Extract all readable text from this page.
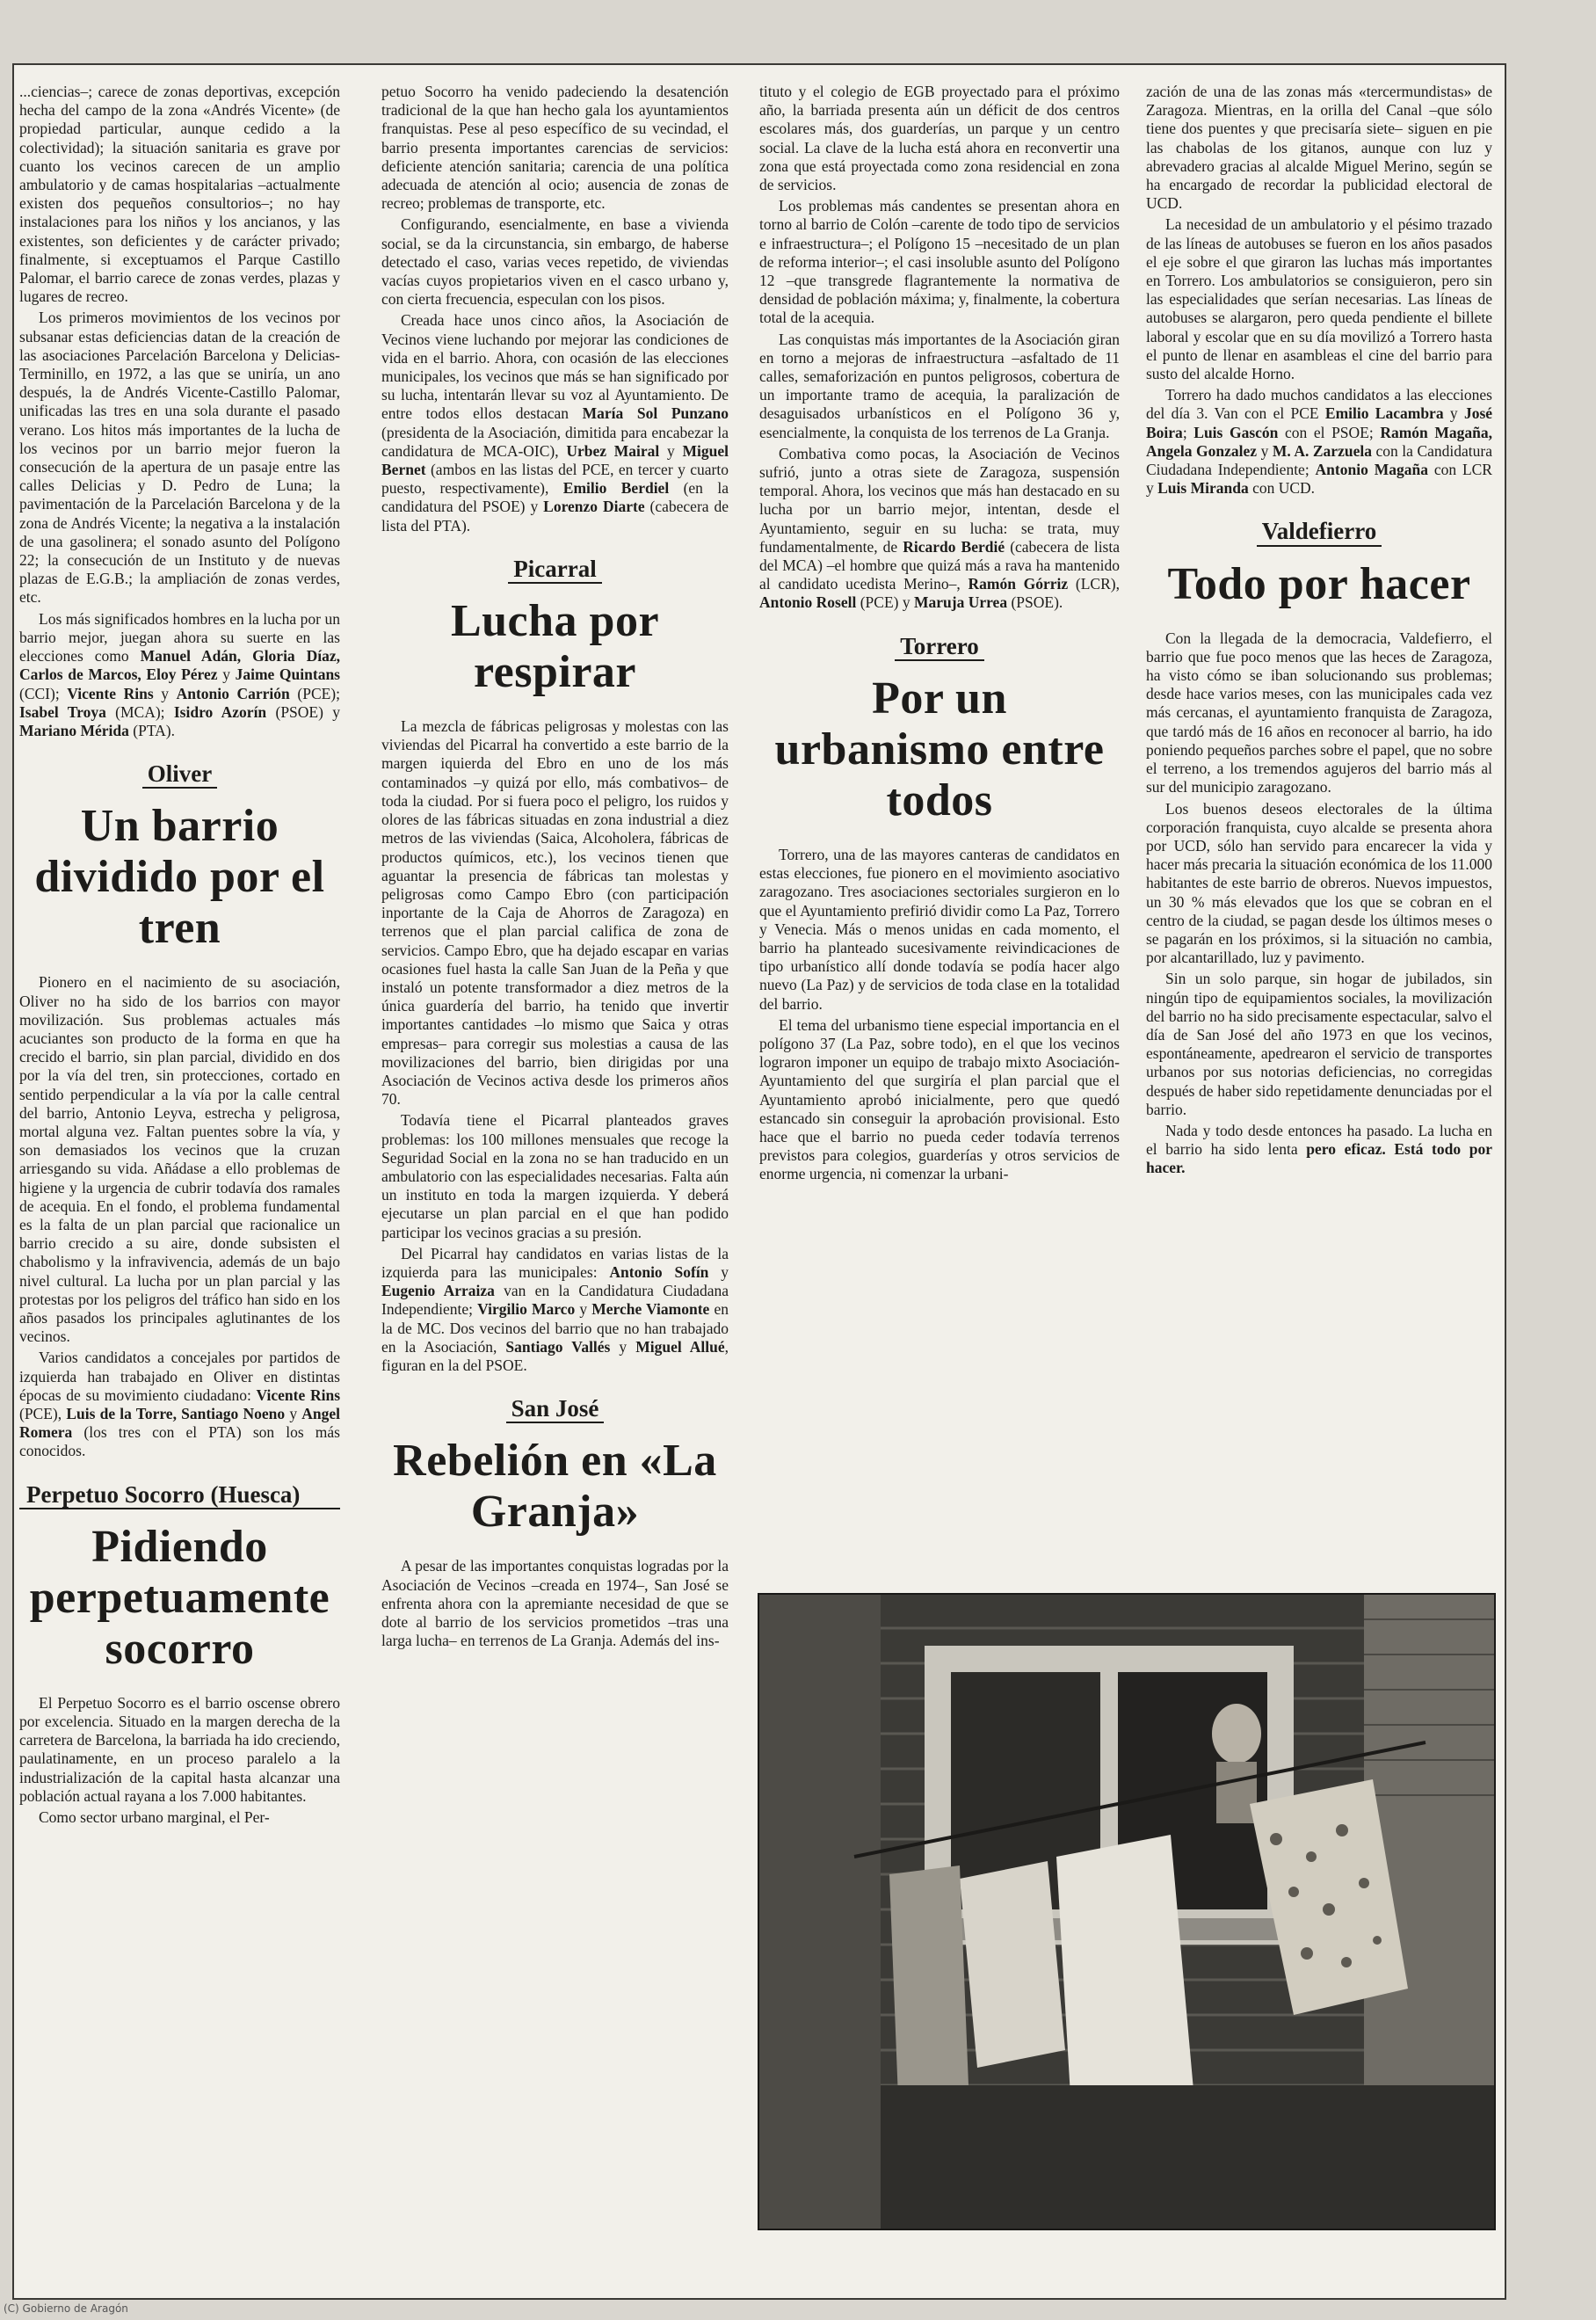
...ciencias–; carece de zonas deportivas, excepción hecha del campo de la zona «Andrés Vicente» (de propiedad particular, aunque cedido a la colectividad); la situación sanitaria es grave por cuanto los vecinos carecen de un amplio ambulatorio y de camas hospitalarias –actualmente existen dos pequeños consultorios–; no hay instalaciones para los niños y los ancianos, y las existentes, son deficientes y de carácter privado; finalmente, si exceptuamos el Parque Castillo Palomar, el barrio carece de zonas verdes, plazas y lugares de recreo.

Los primeros movimientos de los vecinos por subsanar estas deficiencias datan de la creación de las asociaciones Parcelación Barcelona y Delicias-Terminillo, en 1972, a las que se uniría, un ano después, la de Andrés Vicente-Castillo Palomar, unificadas las tres en una sola durante el pasado verano. Los hitos más importantes de la lucha de los vecinos por un barrio mejor fueron la consecución de la apertura de un pasaje entre las calles Delicias y D. Pedro de Luna; la pavimentación de la Parcelación Barcelona y de la zona de Andrés Vicente; la negativa a la instalación de una gasolinera; el sonado asunto del Polígono 22; la consecución de un Instituto y de nuevas plazas de E.G.B.; la ampliación de zonas verdes, etc.

Los más significados hombres en la lucha por un barrio mejor, juegan ahora su suerte en las elecciones como Manuel Adán, Gloria Díaz, Carlos de Marcos, Eloy Pérez y Jaime Quintans (CCI); Vicente Rins y Antonio Carrión (PCE); Isabel Troya (MCA); Isidro Azorín (PSOE) y Mariano Mérida (PTA).

Oliver
Un barrio dividido por el tren

Pionero en el nacimiento de su asociación, Oliver no ha sido de los barrios con mayor movilización. Sus problemas actuales más acuciantes son producto de la forma en que ha crecido el barrio, sin plan parcial, dividido en dos por la vía del tren, sin protecciones, cortado en sentido perpendicular a la vía por la calle central del barrio, Antonio Leyva, estrecha y peligrosa, mortal alguna vez. Faltan puentes sobre la vía, y son demasiados los vecinos que la cruzan arriesgando su vida. Añádase a ello problemas de higiene y la urgencia de cubrir todavía dos ramales de acequia. En el fondo, el problema fundamental es la falta de un plan parcial que racionalice un barrio crecido a su aire, donde subsisten el chabolismo y la infravivencia, además de un bajo nivel cultural. La lucha por un plan parcial y las protestas por los peligros del tráfico han sido en los años pasados los principales aglutinantes de los vecinos.

Varios candidatos a concejales por partidos de izquierda han trabajado en Oliver en distintas épocas de su movimiento ciudadano: Vicente Rins (PCE), Luis de la Torre, Santiago Noeno y Angel Romera (los tres con el PTA) son los más conocidos.

Perpetuo Socorro (Huesca)
Pidiendo perpetuamente socorro

El Perpetuo Socorro es el barrio oscense obrero por excelencia. Situado en la margen derecha de la carretera de Barcelona, la barriada ha ido creciendo, paulatinamente, en un proceso paralelo a la industrialización de la capital hasta alcanzar una población actual rayana a los 7.000 habitantes.

Como sector urbano marginal, el Per-

petuo Socorro ha venido padeciendo la desatención tradicional de la que han hecho gala los ayuntamientos franquistas. Pese al peso específico de su vecindad, el barrio presenta importantes carencias de servicios: deficiente atención sanitaria; carencia de una política adecuada de atención al ocio; ausencia de zonas de recreo; problemas de transporte, etc.

Configurando, esencialmente, en base a vivienda social, se da la circunstancia, sin embargo, de haberse detectado el caso, varias veces repetido, de viviendas vacías cuyos propietarios viven en el casco urbano y, con cierta frecuencia, especulan con los pisos.

Creada hace unos cinco años, la Asociación de Vecinos viene luchando por mejorar las condiciones de vida en el barrio. Ahora, con ocasión de las elecciones municipales, los vecinos que más se han significado por su lucha, intentarán llevar su voz al Ayuntamiento. De entre todos ellos destacan María Sol Punzano (presidenta de la Asociación, dimitida para encabezar la candidatura de MCA-OIC), Urbez Mairal y Miguel Bernet (ambos en las listas del PCE, en tercer y cuarto puesto, respectivamente), Emilio Berdiel (en la candidatura del PSOE) y Lorenzo Diarte (cabecera de lista del PTA).

Picarral
Lucha por respirar

La mezcla de fábricas peligrosas y molestas con las viviendas del Picarral ha convertido a este barrio de la margen iquierda del Ebro en uno de los más contaminados –y quizá por ello, más combativos– de toda la ciudad. Por si fuera poco el peligro, los ruidos y olores de las fábricas situadas en zona industrial a diez metros de las viviendas (Saica, Alcoholera, fábricas de productos químicos, etc.), los vecinos tienen que aguantar la presencia de fábricas tan molestas y peligrosas como Campo Ebro (con participación inportante de la Caja de Ahorros de Zaragoza) en terrenos que el plan parcial califica de zona de servicios. Campo Ebro, que ha dejado escapar en varias ocasiones fuel hasta la calle San Juan de la Peña y que instaló un potente transformador a diez metros de la única guardería del barrio, ha tenido que invertir importantes cantidades –lo mismo que Saica y otras empresas– para corregir sus molestias a causa de las movilizaciones del barrio, bien dirigidas por una Asociación de Vecinos activa desde los primeros años 70.

Todavía tiene el Picarral planteados graves problemas: los 100 millones mensuales que recoge la Seguridad Social en la zona no se han traducido en un ambulatorio con las especialidades necesarias. Falta aún un instituto en toda la margen izquierda. Y deberá ejecutarse un plan parcial en el que han podido participar los vecinos gracias a su presión.

Del Picarral hay candidatos en varias listas de la izquierda para las municipales: Antonio Sofín y Eugenio Arraiza van en la Candidatura Ciudadana Independiente; Virgilio Marco y Merche Viamonte en la de MC. Dos vecinos del barrio que no han trabajado en la Asociación, Santiago Vallés y Miguel Allué, figuran en la del PSOE.

San José
Rebelión en «La Granja»

A pesar de las importantes conquistas logradas por la Asociación de Vecinos –creada en 1974–, San José se enfrenta ahora con la apremiante necesidad de que se dote al barrio de los servicios prometidos –tras una larga lucha– en terrenos de La Granja. Además del ins-

tituto y el colegio de EGB proyectado para el próximo año, la barriada presenta aún un déficit de dos centros escolares más, dos guarderías, un parque y un centro social. La clave de la lucha está ahora en reconvertir una zona que está proyectada como zona residencial en zona de servicios.

Los problemas más candentes se presentan ahora en torno al barrio de Colón –carente de todo tipo de servicios e infraestructura–; el Polígono 15 –necesitado de un plan de reforma interior–; el casi insoluble asunto del Polígono 12 –que transgrede flagrantemente la normativa de densidad de población máxima; y, finalmente, la cobertura total de la acequia.

Las conquistas más importantes de la Asociación giran en torno a mejoras de infraestructura –asfaltado de 11 calles, semaforización en puntos peligrosos, cobertura de un importante tramo de acequia, la paralización de desaguisados urbanísticos en el Polígono 36 y, esencialmente, la conquista de los terrenos de La Granja.

Combativa como pocas, la Asociación de Vecinos sufrió, junto a otras siete de Zaragoza, suspensión temporal. Ahora, los vecinos que más han destacado en su lucha por un barrio mejor, intentan, desde el Ayuntamiento, seguir en su lucha: se trata, muy fundamentalmente, de Ricardo Berdié (cabecera de lista del MCA) –el hombre que quizá más a rava ha mantenido al candidato ucedista Merino–, Ramón Górriz (LCR), Antonio Rosell (PCE) y Maruja Urrea (PSOE).

Torrero
Por un urbanismo entre todos

Torrero, una de las mayores canteras de candidatos en estas elecciones, fue pionero en el movimiento asociativo zaragozano. Tres asociaciones sectoriales surgieron en lo que el Ayuntamiento prefirió dividir como La Paz, Torrero y Venecia. Más o menos unidas en cada momento, el barrio ha planteado sucesivamente reivindicaciones de tipo urbanístico allí donde todavía se podía hacer algo nuevo (La Paz) y de servicios de toda clase en la totalidad del barrio.

El tema del urbanismo tiene especial importancia en el polígono 37 (La Paz, sobre todo), en el que los vecinos lograron imponer un equipo de trabajo mixto Asociación-Ayuntamiento del que surgiría el plan parcial que el Ayuntamiento aprobó inicialmente, pero que quedó estancado sin conseguir la aprobación provisional. Esto hace que el barrio no pueda ceder todavía terrenos previstos para colegios, guarderías y otros servicios de enorme urgencia, ni comenzar la urbani-

zación de una de las zonas más «tercermundistas» de Zaragoza. Mientras, en la orilla del Canal –que sólo tiene dos puentes y que precisaría siete– siguen en pie las chabolas de los gitanos, aunque con luz y abrevadero gracias al alcalde Miguel Merino, según se ha encargado de recordar la publicidad electoral de UCD.

La necesidad de un ambulatorio y el pésimo trazado de las líneas de autobuses se fueron en los años pasados el eje sobre el que giraron las luchas más importantes en Torrero. Los ambulatorios se consiguieron, pero sin las especialidades que serían necesarias. Las líneas de autobuses se alargaron, pero queda pendiente el billete laboral y escolar que en su día movilizó a Torrero hasta el punto de llenar en asambleas el cine del barrio para susto del alcalde Horno.

Torrero ha dado muchos candidatos a las elecciones del día 3. Van con el PCE Emilio Lacambra y José Boira; Luis Gascón con el PSOE; Ramón Magaña, Angela Gonzalez y M. A. Zarzuela con la Candidatura Ciudadana Independiente; Antonio Magaña con LCR y Luis Miranda con UCD.

Valdefierro
Todo por hacer

Con la llegada de la democracia, Valdefierro, el barrio que fue poco menos que las heces de Zaragoza, ha visto cómo se iban solucionando sus problemas; desde hace varios meses, con las municipales cada vez más cercanas, el ayuntamiento franquista de Zaragoza, que tardó más de 16 años en reconocer al barrio, ha ido poniendo pequeños parches sobre el papel, que no sobre el terreno, a los tremendos agujeros del barrio más al sur del municipio zaragozano.

Los buenos deseos electorales de la última corporación franquista, cuyo alcalde se presenta ahora por UCD, sólo han servido para encarecer la vida y hacer más precaria la situación económica de los 11.000 habitantes de este barrio de obreros. Nuevos impuestos, un 30 % más elevados que los que se cobran en el centro de la ciudad, se pagan desde los últimos meses o se pagarán en los próximos, si la situación no cambia, por alcantarillado, luz y pavimento.

Sin un solo parque, sin hogar de jubilados, sin ningún tipo de equipamientos sociales, la movilización del barrio no ha sido precisamente espectacular, salvo el día de San José del año 1973 en que los vecinos, espontáneamente, apedrearon el servicio de transportes urbanos por sus notorias deficiencias, no corregidas después de haber sido repetidamente denunciadas por el barrio.

Nada y todo desde entonces ha pasado. La lucha en el barrio ha sido lenta pero eficaz. Está todo por hacer.

(C) Gobierno de Aragón
